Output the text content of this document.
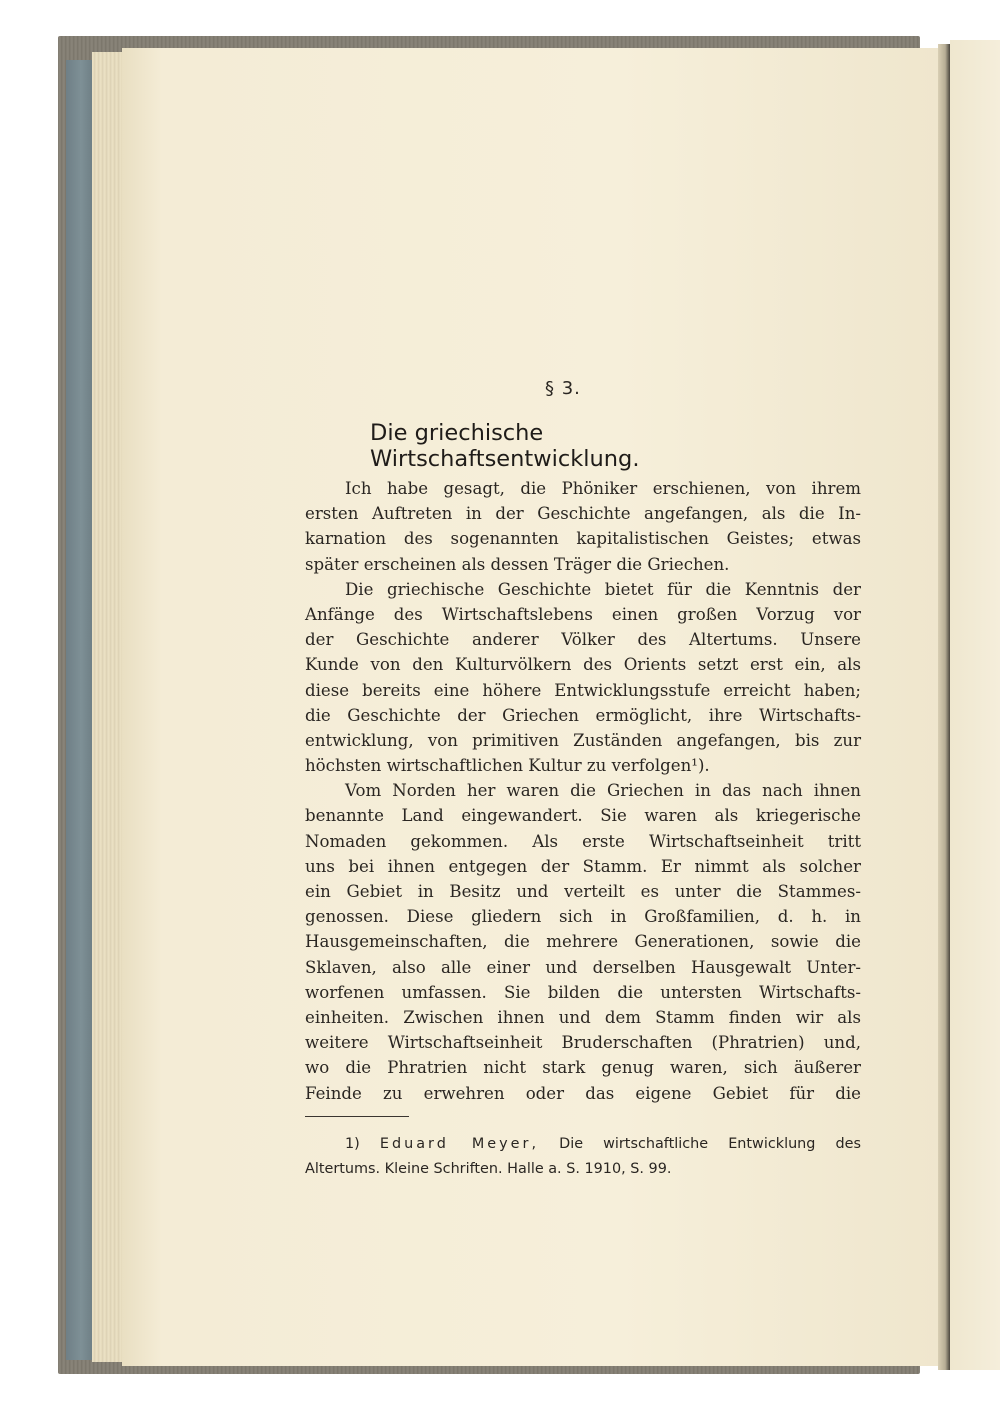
§ 3.
Die griechische Wirtschaftsentwicklung.
Ich habe gesagt, die Phöniker erschienen, von ihrem
ersten Auftreten in der Geschichte angefangen, als die In-
karnation des sogenannten kapitalistischen Geistes; etwas
später erscheinen als dessen Träger die Griechen.
Die griechische Geschichte bietet für die Kenntnis der
Anfänge des Wirtschaftslebens einen großen Vorzug vor
der Geschichte anderer Völker des Altertums. Unsere
Kunde von den Kulturvölkern des Orients setzt erst ein, als
diese bereits eine höhere Entwicklungsstufe erreicht haben;
die Geschichte der Griechen ermöglicht, ihre Wirtschafts-
entwicklung, von primitiven Zuständen angefangen, bis zur
höchsten wirtschaftlichen Kultur zu verfolgen¹).
Vom Norden her waren die Griechen in das nach ihnen
benannte Land eingewandert. Sie waren als kriegerische
Nomaden gekommen. Als erste Wirtschaftseinheit tritt
uns bei ihnen entgegen der Stamm. Er nimmt als solcher
ein Gebiet in Besitz und verteilt es unter die Stammes-
genossen. Diese gliedern sich in Großfamilien, d. h. in
Hausgemeinschaften, die mehrere Generationen, sowie die
Sklaven, also alle einer und derselben Hausgewalt Unter-
worfenen umfassen. Sie bilden die untersten Wirtschafts-
einheiten. Zwischen ihnen und dem Stamm finden wir als
weitere Wirtschaftseinheit Bruderschaften (Phratrien) und,
wo die Phratrien nicht stark genug waren, sich äußerer
Feinde zu erwehren oder das eigene Gebiet für die
1) Eduard Meyer, Die wirtschaftliche Entwicklung des
Altertums. Kleine Schriften. Halle a. S. 1910, S. 99.
